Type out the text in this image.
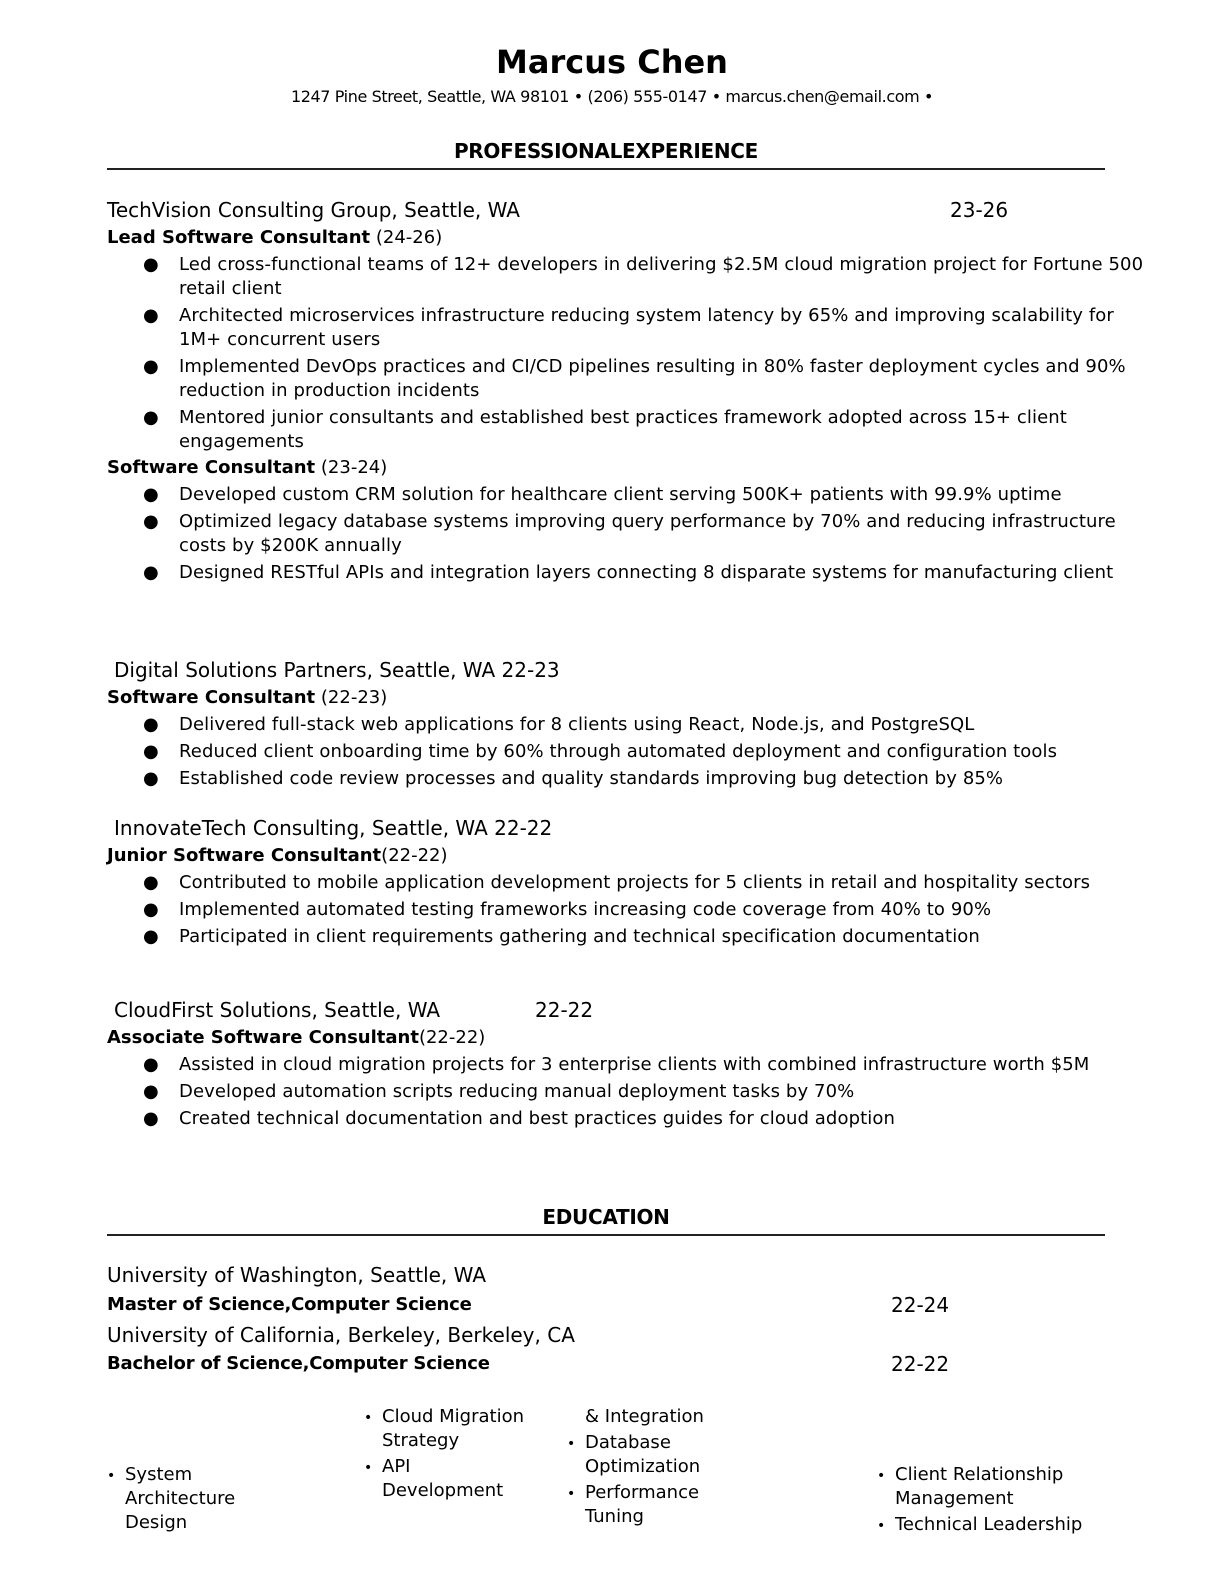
Marcus Chen
1247 Pine Street, Seattle, WA 98101 • (206) 555-0147 • marcus.chen@email.com •
PROFESSIONALEXPERIENCE
TechVision Consulting Group, Seattle, WA	23-26
Lead Software Consultant (24-26)
● Led cross-functional teams of 12+ developers in delivering $2.5M cloud migration project for Fortune 500 retail client
● Architected microservices infrastructure reducing system latency by 65% and improving scalability for 1M+ concurrent users
● Implemented DevOps practices and CI/CD pipelines resulting in 80% faster deployment cycles and 90% reduction in production incidents
● Mentored junior consultants and established best practices framework adopted across 15+ client engagements
Software Consultant (23-24)
● Developed custom CRM solution for healthcare client serving 500K+ patients with 99.9% uptime
● Optimized legacy database systems improving query performance by 70% and reducing infrastructure costs by $200K annually
● Designed RESTful APIs and integration layers connecting 8 disparate systems for manufacturing client
Digital Solutions Partners, Seattle, WA 22-23
Software Consultant (22-23)
● Delivered full-stack web applications for 8 clients using React, Node.js, and PostgreSQL
● Reduced client onboarding time by 60% through automated deployment and configuration tools
● Established code review processes and quality standards improving bug detection by 85%
InnovateTech Consulting, Seattle, WA 22-22
Junior Software Consultant(22-22)
● Contributed to mobile application development projects for 5 clients in retail and hospitality sectors
● Implemented automated testing frameworks increasing code coverage from 40% to 90%
● Participated in client requirements gathering and technical specification documentation
CloudFirst Solutions, Seattle, WA	22-22
Associate Software Consultant(22-22)
● Assisted in cloud migration projects for 3 enterprise clients with combined infrastructure worth $5M
● Developed automation scripts reducing manual deployment tasks by 70%
● Created technical documentation and best practices guides for cloud adoption
EDUCATION
University of Washington, Seattle, WA
Master of Science,Computer Science	22-24
University of California, Berkeley, Berkeley, CA
Bachelor of Science,Computer Science	22-22
• System Architecture Design
• Cloud Migration Strategy
• API Development
& Integration
• Database Optimization
• Performance Tuning
• Client Relationship Management
• Technical Leadership
